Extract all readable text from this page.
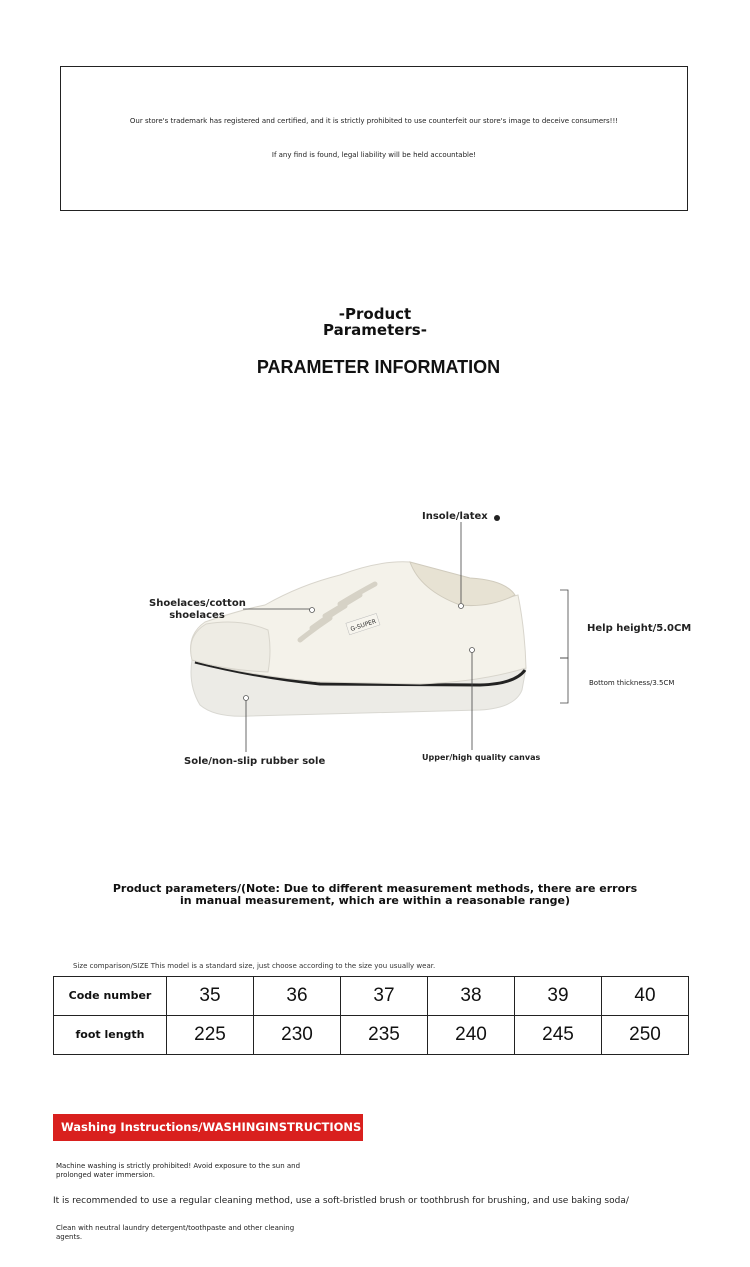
Our store's trademark has registered and certified, and it is strictly prohibited to use counterfeit our store's image to deceive consumers!!!
If any find is found, legal liability will be held accountable!
-Product
Parameters-
PARAMETER INFORMATION
G-SUPER
Insole/latex
Shoelaces/cotton
shoelaces
Help height/5.0CM
Bottom thickness/3.5CM
Sole/non-slip rubber sole	Upper/high quality canvas
Product parameters/(Note: Due to different measurement methods, there are errors in manual measurement, which are within a reasonable range)
Size comparison/SIZE This model is a standard size, just choose according to the size you usually wear.
Code number	35	36	37	38	39	40
foot length	225	230	235	240	245	250
Washing Instructions/WASHINGINSTRUCTIONS
Machine washing is strictly prohibited! Avoid exposure to the sun and prolonged water immersion.
It is recommended to use a regular cleaning method, use a soft-bristled brush or toothbrush for brushing, and use baking soda/
Clean with neutral laundry detergent/toothpaste and other cleaning agents.
